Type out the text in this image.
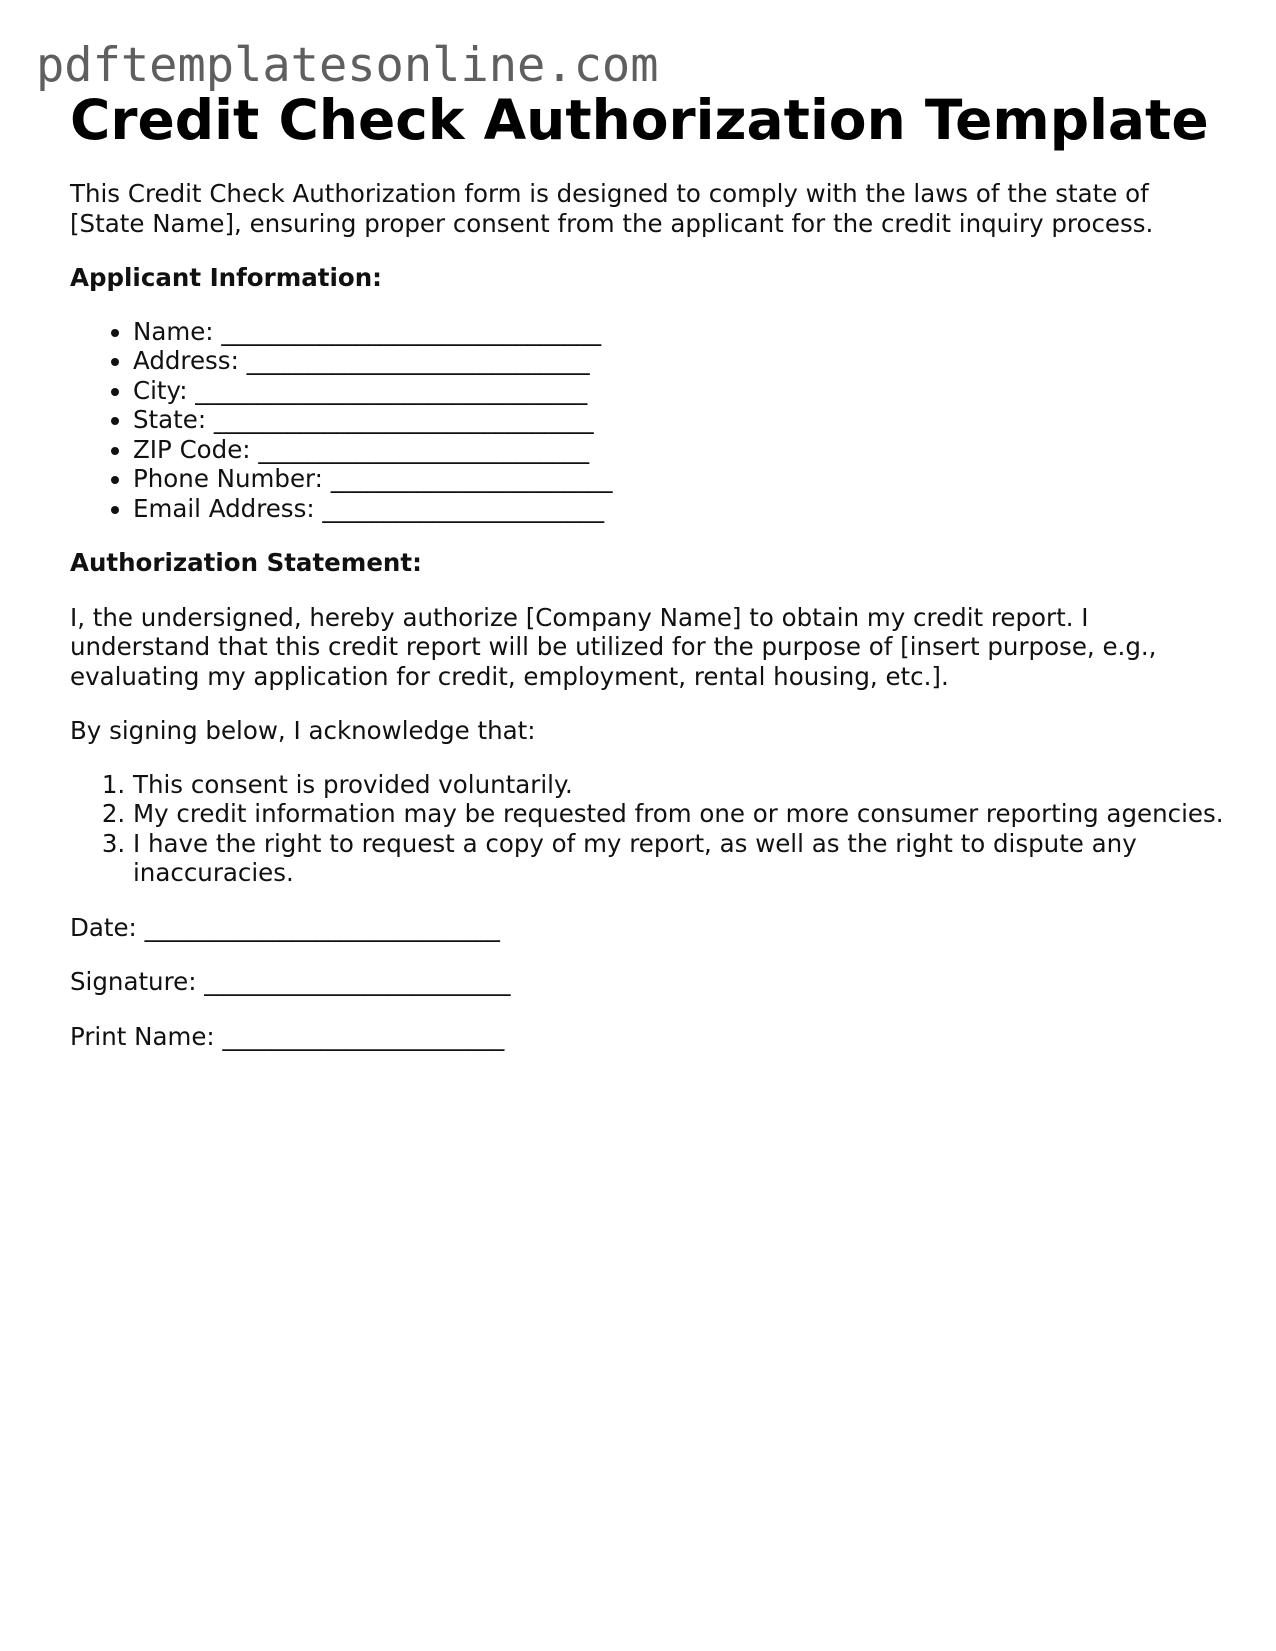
pdftemplatesonline.com
Credit Check Authorization Template

This Credit Check Authorization form is designed to comply with the laws of the state of [State Name], ensuring proper consent from the applicant for the credit inquiry process.

Applicant Information:
• Name: _______________________________
• Address: ____________________________
• City: ________________________________
• State: _______________________________
• ZIP Code: ___________________________
• Phone Number: _______________________
• Email Address: _______________________
Authorization Statement:

I, the undersigned, hereby authorize [Company Name] to obtain my credit report. I understand that this credit report will be utilized for the purpose of [insert purpose, e.g., evaluating my application for credit, employment, rental housing, etc.].

By signing below, I acknowledge that:

1. This consent is provided voluntarily.
2. My credit information may be requested from one or more consumer reporting agencies.
3. I have the right to request a copy of my report, as well as the right to dispute any inaccuracies.

Date: _____________________________

Signature: _________________________

Print Name: _______________________
